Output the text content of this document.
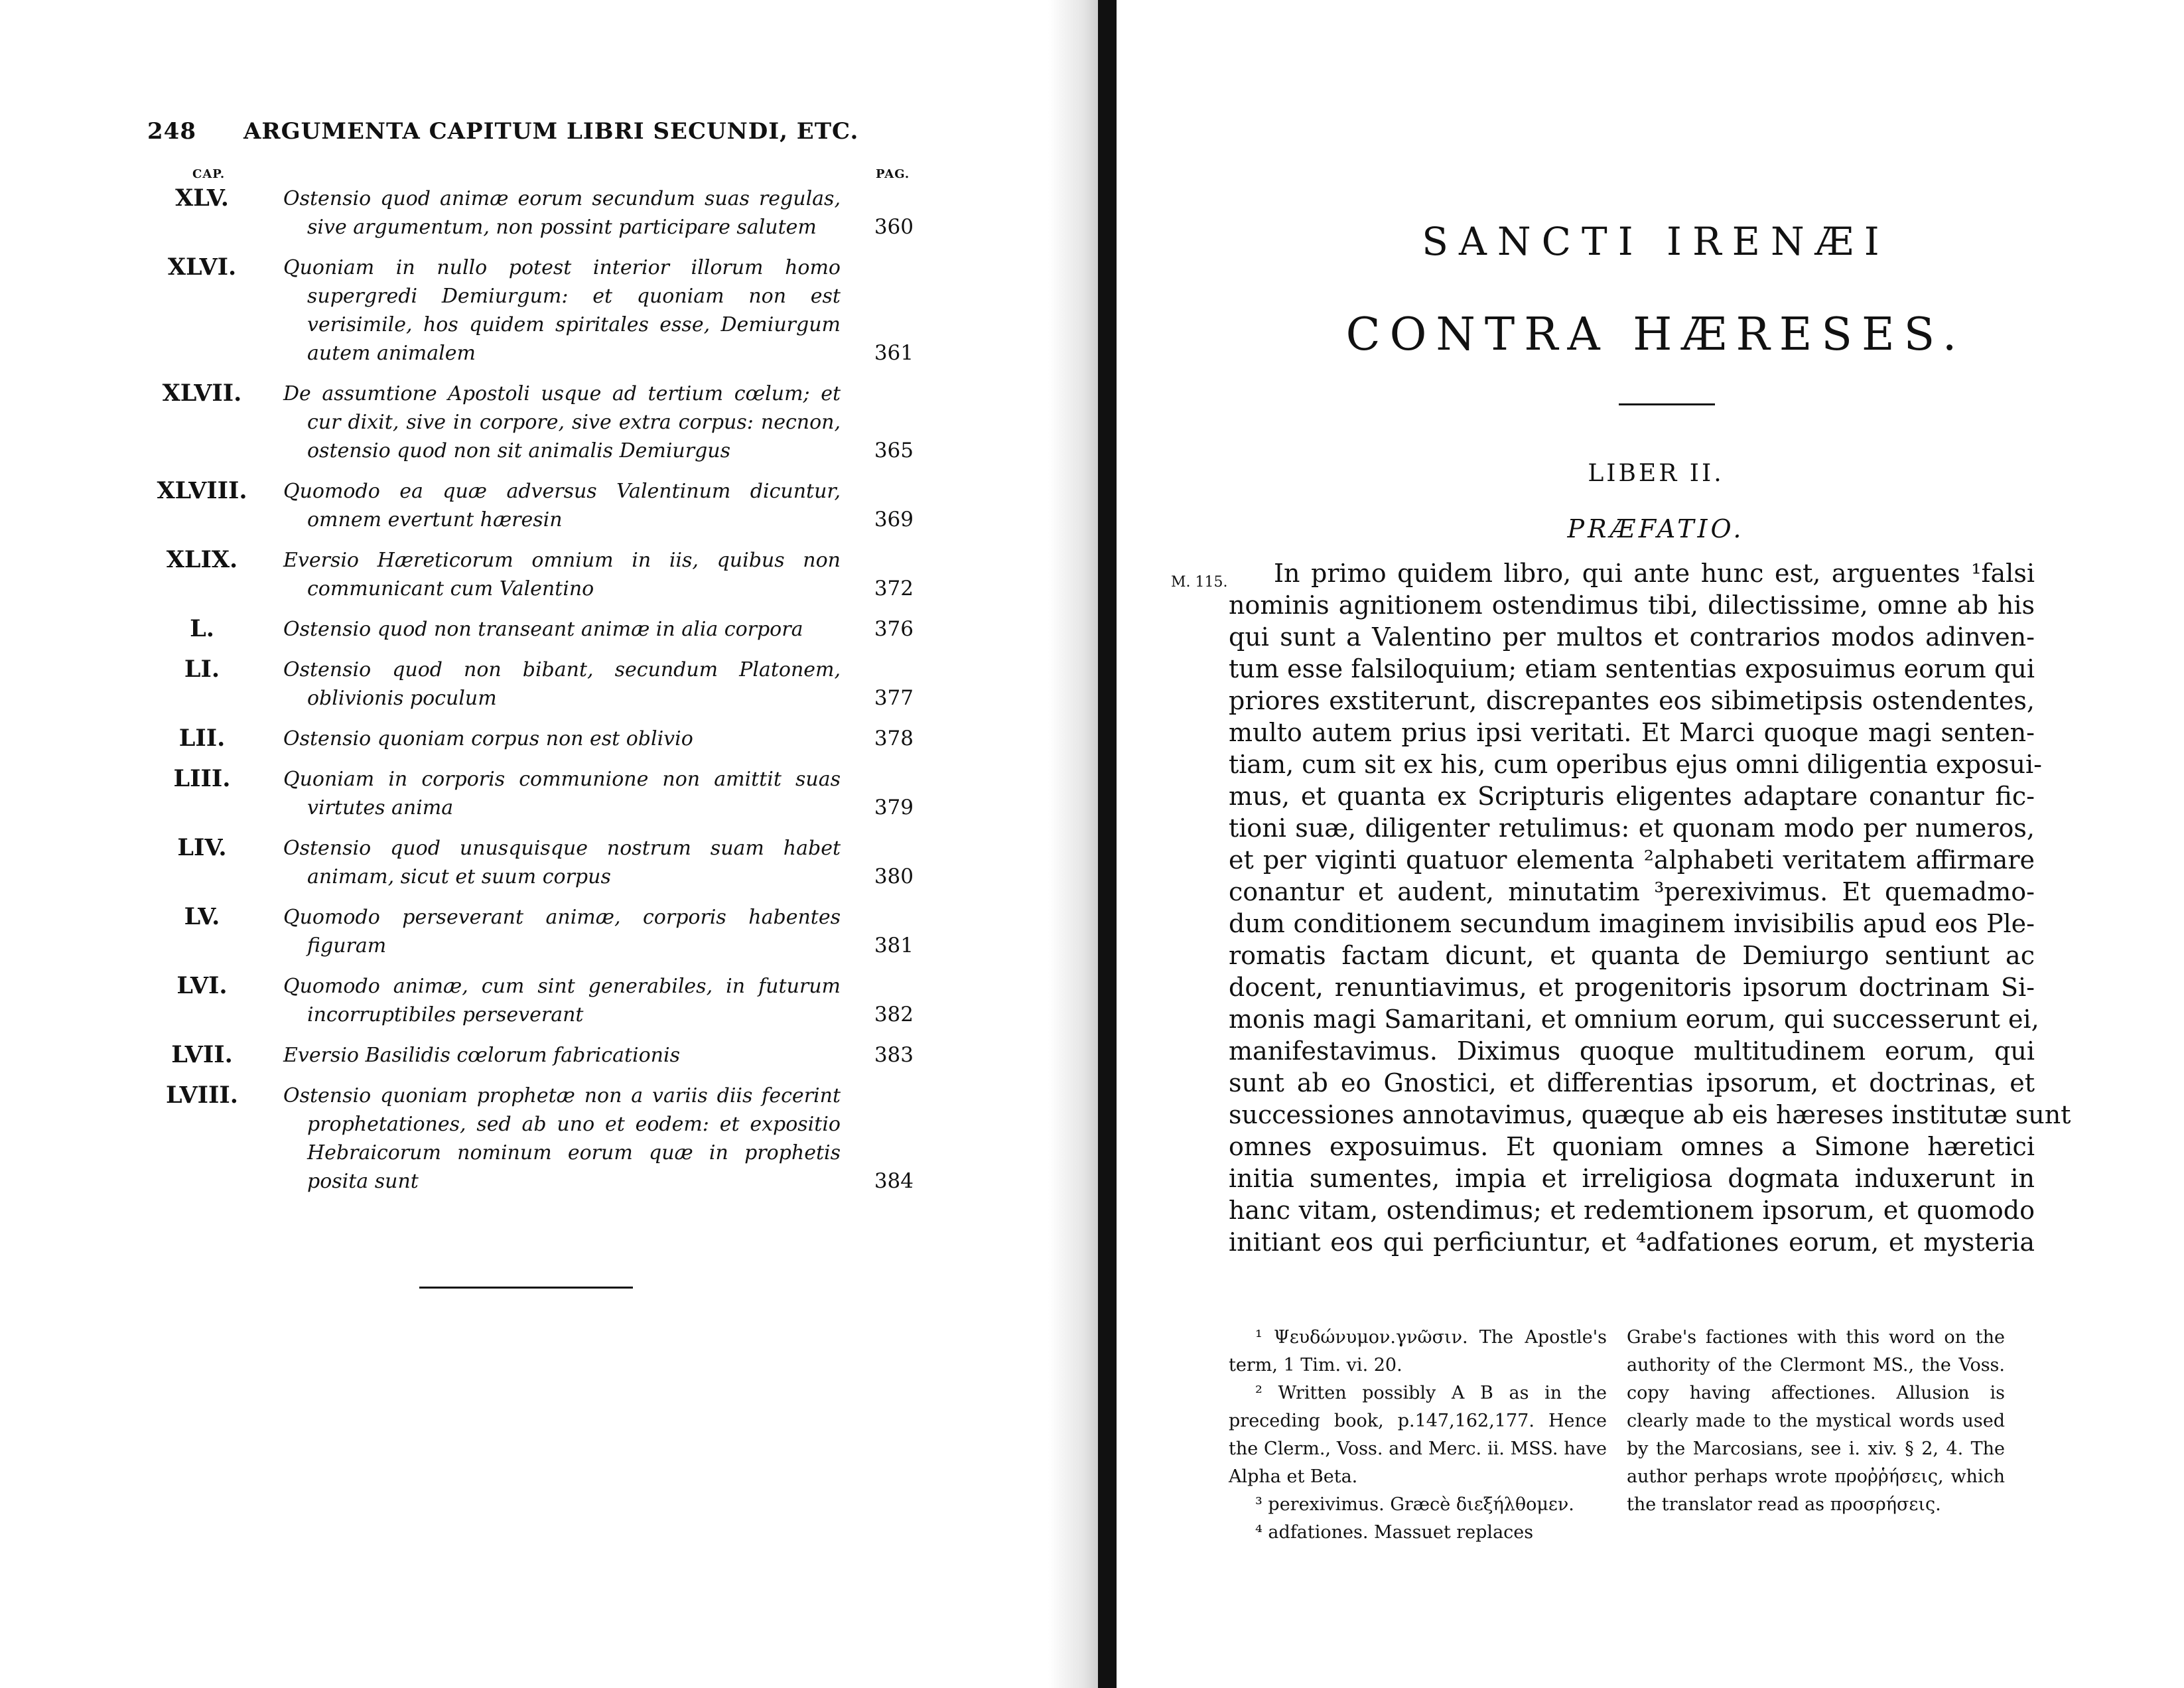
248 ARGUMENTA CAPITUM LIBRI SECUNDI, ETC.
CAP.	PAG.
XLV.	Ostensio quod animæ eorum secundum suas regulas, sive argumentum, non possint participare salutem	360
XLVI.	Quoniam in nullo potest interior illorum homo supergredi Demiurgum: et quoniam non est verisimile, hos quidem spiritales esse, Demiurgum autem animalem	361
XLVII.	De assumtione Apostoli usque ad tertium cœlum; et cur dixit, sive in corpore, sive extra corpus: necnon, ostensio quod non sit animalis Demiurgus	365
XLVIII.	Quomodo ea quæ adversus Valentinum dicuntur, omnem evertunt hæresin	369
XLIX.	Eversio Hæreticorum omnium in iis, quibus non communicant cum Valentino	372
L.	Ostensio quod non transeant animæ in alia corpora	376
LI.	Ostensio quod non bibant, secundum Platonem, oblivionis poculum	377
LII.	Ostensio quoniam corpus non est oblivio	378
LIII.	Quoniam in corporis communione non amittit suas virtutes anima	379
LIV.	Ostensio quod unusquisque nostrum suam habet animam, sicut et suum corpus	380
LV.	Quomodo perseverant animæ, corporis habentes figuram	381
LVI.	Quomodo animæ, cum sint generabiles, in futurum incorruptibiles perseverant	382
LVII.	Eversio Basilidis cœlorum fabricationis	383
LVIII.	Ostensio quoniam prophetæ non a variis diis fecerint prophetationes, sed ab uno et eodem: et expositio Hebraicorum nominum eorum quæ in prophetis posita sunt	384
SANCTI IRENÆI
CONTRA HÆRESES.
LIBER II.
PRÆFATIO.
M. 115.	In primo quidem libro, qui ante hunc est, arguentes ¹falsi
nominis agnitionem ostendimus tibi, dilectissime, omne ab his
qui sunt a Valentino per multos et contrarios modos adinven-
tum esse falsiloquium; etiam sententias exposuimus eorum qui
priores exstiterunt, discrepantes eos sibimetipsis ostendentes,
multo autem prius ipsi veritati. Et Marci quoque magi senten-
tiam, cum sit ex his, cum operibus ejus omni diligentia exposui-
mus, et quanta ex Scripturis eligentes adaptare conantur fic-
tioni suæ, diligenter retulimus: et quonam modo per numeros,
et per viginti quatuor elementa ²alphabeti veritatem affirmare
conantur et audent, minutatim ³perexivimus. Et quemadmo-
dum conditionem secundum imaginem invisibilis apud eos Ple-
romatis factam dicunt, et quanta de Demiurgo sentiunt ac
docent, renuntiavimus, et progenitoris ipsorum doctrinam Si-
monis magi Samaritani, et omnium eorum, qui successerunt ei,
manifestavimus. Diximus quoque multitudinem eorum, qui
sunt ab eo Gnostici, et differentias ipsorum, et doctrinas, et
successiones annotavimus, quæque ab eis hæreses institutæ sunt
omnes exposuimus. Et quoniam omnes a Simone hæretici
initia sumentes, impia et irreligiosa dogmata induxerunt in
hanc vitam, ostendimus; et redemtionem ipsorum, et quomodo
initiant eos qui perficiuntur, et ⁴adfationes eorum, et mysteria

¹ Ψευδώνυμον.γνῶσιν. The Apostle's term, 1 Tim. vi. 20.

² Written possibly A B as in the preceding book, p.147,162,177. Hence the Clerm., Voss. and Merc. ii. MSS. have Alpha et Beta.

³ perexivimus. Græcè διεξήλθομεν.

⁴ adfationes. Massuet replaces

Grabe's factiones with this word on the authority of the Clermont MS., the Voss. copy having affectiones. Allusion is clearly made to the mystical words used by the Marcosians, see i. xiv. § 2, 4. The author perhaps wrote προῤῥήσεις, which the translator read as προσρήσεις.
